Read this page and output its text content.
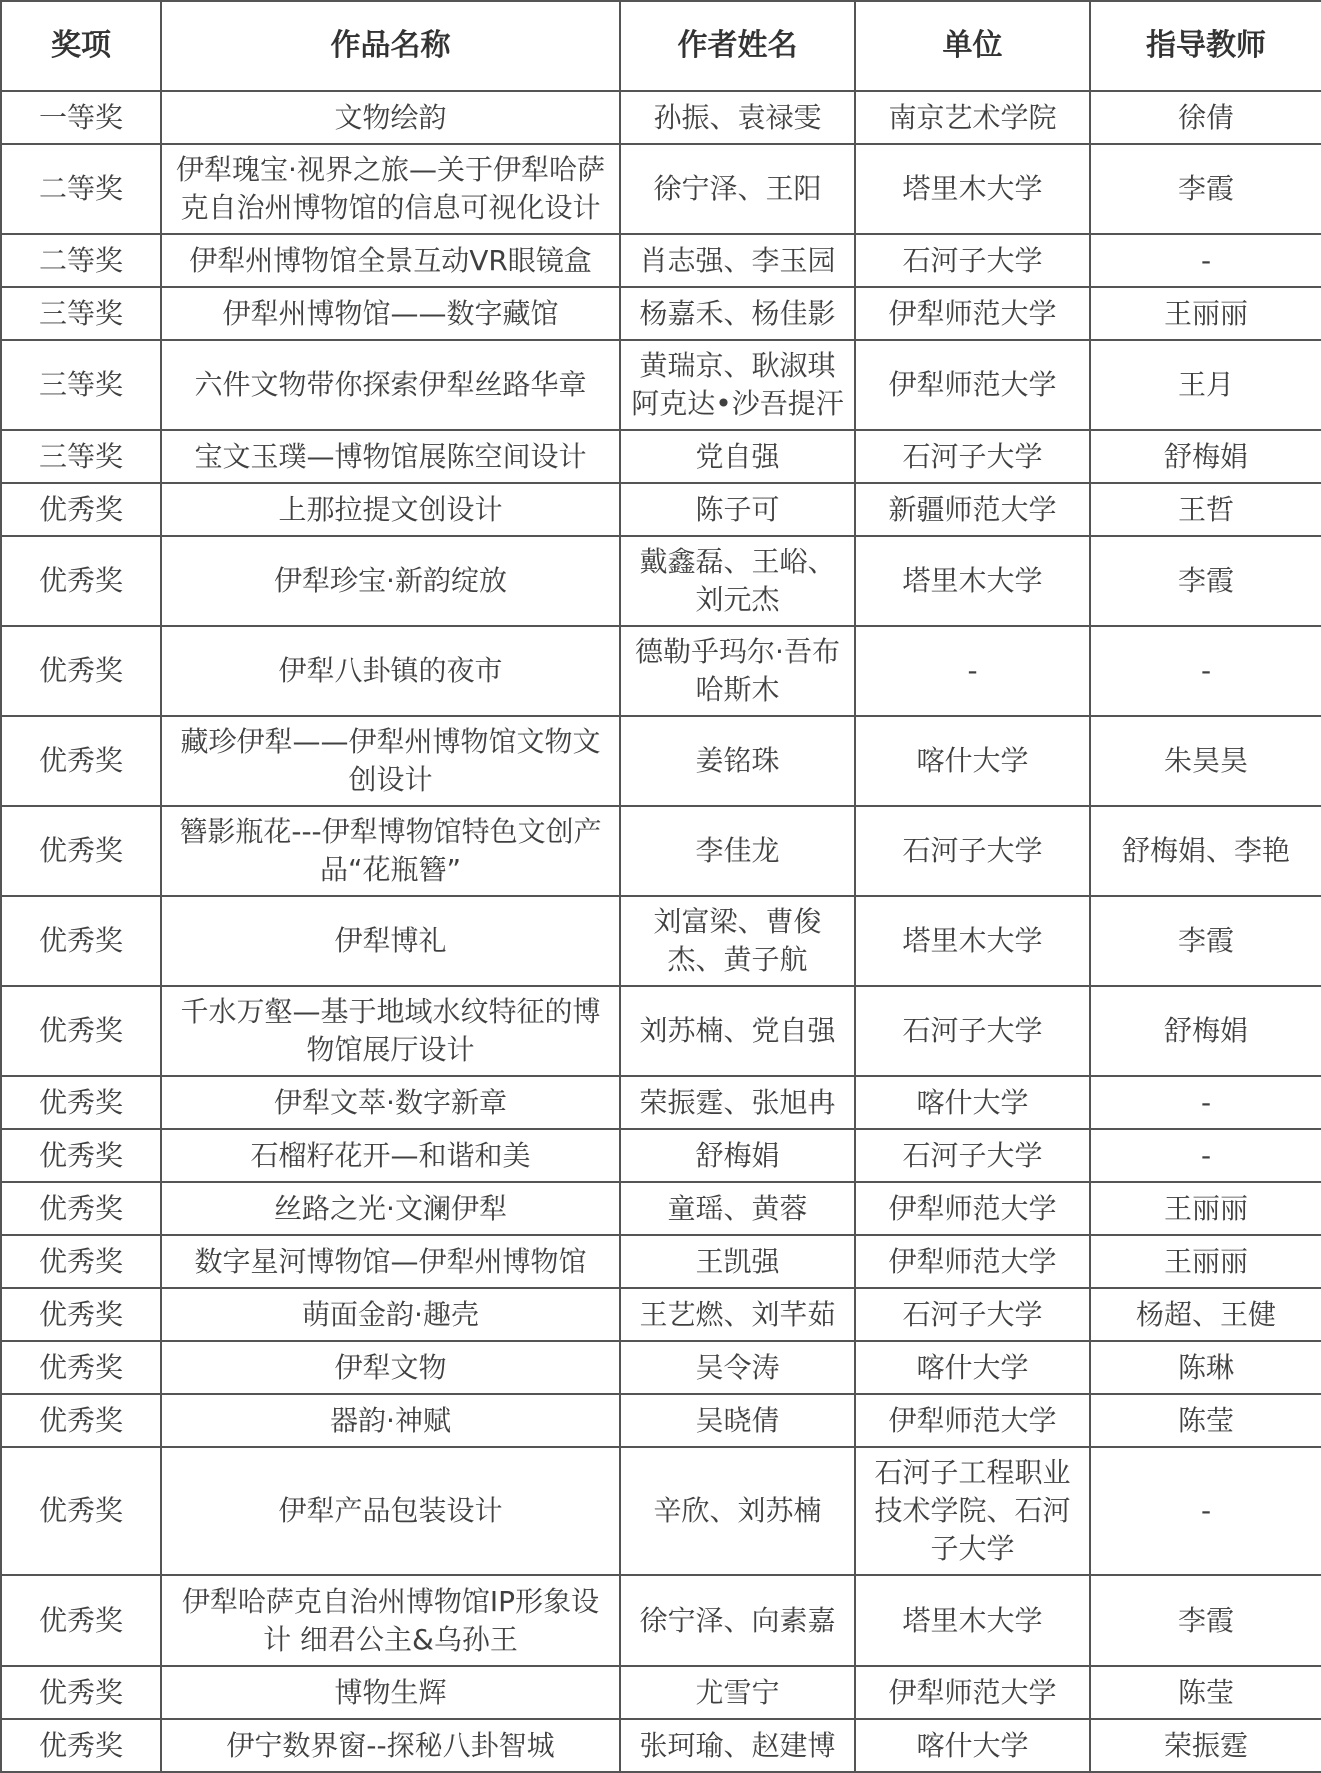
奖项	作品名称	作者姓名	单位	指导教师
一等奖	文物绘韵	孙振、袁禄雯	南京艺术学院	徐倩
二等奖	伊犁瑰宝·视界之旅—关于伊犁哈萨克自治州博物馆的信息可视化设计	徐宁泽、王阳	塔里木大学	李霞
二等奖	伊犁州博物馆全景互动VR眼镜盒	肖志强、李玉园	石河子大学	-
三等奖	伊犁州博物馆——数字藏馆	杨嘉禾、杨佳影	伊犁师范大学	王丽丽
三等奖	六件文物带你探索伊犁丝路华章	黄瑞京、耿淑琪阿克达•沙吾提汗	伊犁师范大学	王月
三等奖	宝文玉璞—博物馆展陈空间设计	党自强	石河子大学	舒梅娟
优秀奖	上那拉提文创设计	陈子可	新疆师范大学	王哲
优秀奖	伊犁珍宝·新韵绽放	戴鑫磊、王峪、刘元杰	塔里木大学	李霞
优秀奖	伊犁八卦镇的夜市	德勒乎玛尔·吾布哈斯木	-	-
优秀奖	藏珍伊犁——伊犁州博物馆文物文创设计	姜铭珠	喀什大学	朱昊昊
优秀奖	簪影瓶花---伊犁博物馆特色文创产品“花瓶簪”	李佳龙	石河子大学	舒梅娟、李艳
优秀奖	伊犁博礼	刘富梁、曹俊杰、黄子航	塔里木大学	李霞
优秀奖	千水万壑—基于地域水纹特征的博物馆展厅设计	刘苏楠、党自强	石河子大学	舒梅娟
优秀奖	伊犁文萃·数字新章	荣振霆、张旭冉	喀什大学	-
优秀奖	石榴籽花开—和谐和美	舒梅娟	石河子大学	-
优秀奖	丝路之光·文澜伊犁	童瑶、黄蓉	伊犁师范大学	王丽丽
优秀奖	数字星河博物馆—伊犁州博物馆	王凯强	伊犁师范大学	王丽丽
优秀奖	萌面金韵·趣壳	王艺燃、刘芊茹	石河子大学	杨超、王健
优秀奖	伊犁文物	吴令涛	喀什大学	陈琳
优秀奖	器韵·神赋	吴晓倩	伊犁师范大学	陈莹
优秀奖	伊犁产品包装设计	辛欣、刘苏楠	石河子工程职业技术学院、石河子大学	-
优秀奖	伊犁哈萨克自治州博物馆IP形象设计 细君公主&乌孙王	徐宁泽、向素嘉	塔里木大学	李霞
优秀奖	博物生辉	尤雪宁	伊犁师范大学	陈莹
优秀奖	伊宁数界窗--探秘八卦智城	张珂瑜、赵建博	喀什大学	荣振霆
